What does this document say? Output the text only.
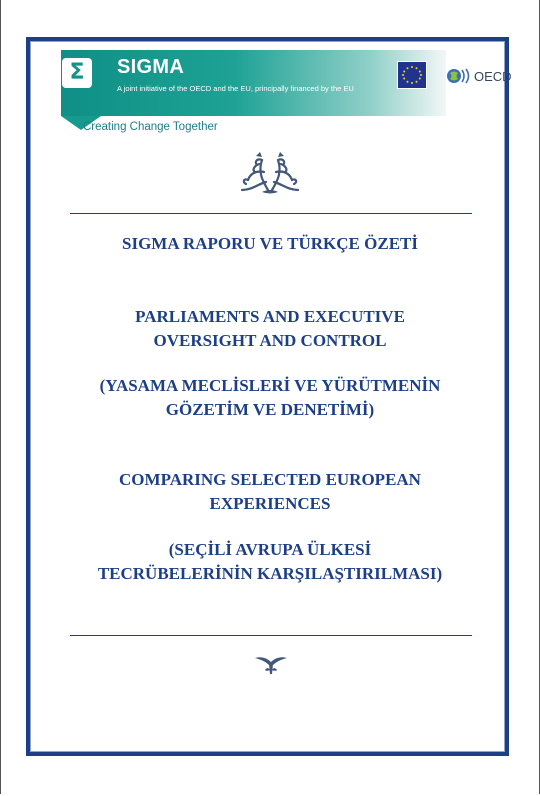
Σ	SIGMA
A joint initiative of the OECD and the EU, principally financed by the EU
OECD
Creating Change Together
SIGMA RAPORU VE TÜRKÇE ÖZETİ
PARLIAMENTS AND EXECUTIVE
OVERSIGHT AND CONTROL
(YASAMA MECLİSLERİ VE YÜRÜTMENİN
GÖZETİM VE DENETİMİ)
COMPARING SELECTED EUROPEAN
EXPERIENCES
(SEÇİLİ AVRUPA ÜLKESİ
TECRÜBELERİNİN KARŞILAŞTIRILMASI)
